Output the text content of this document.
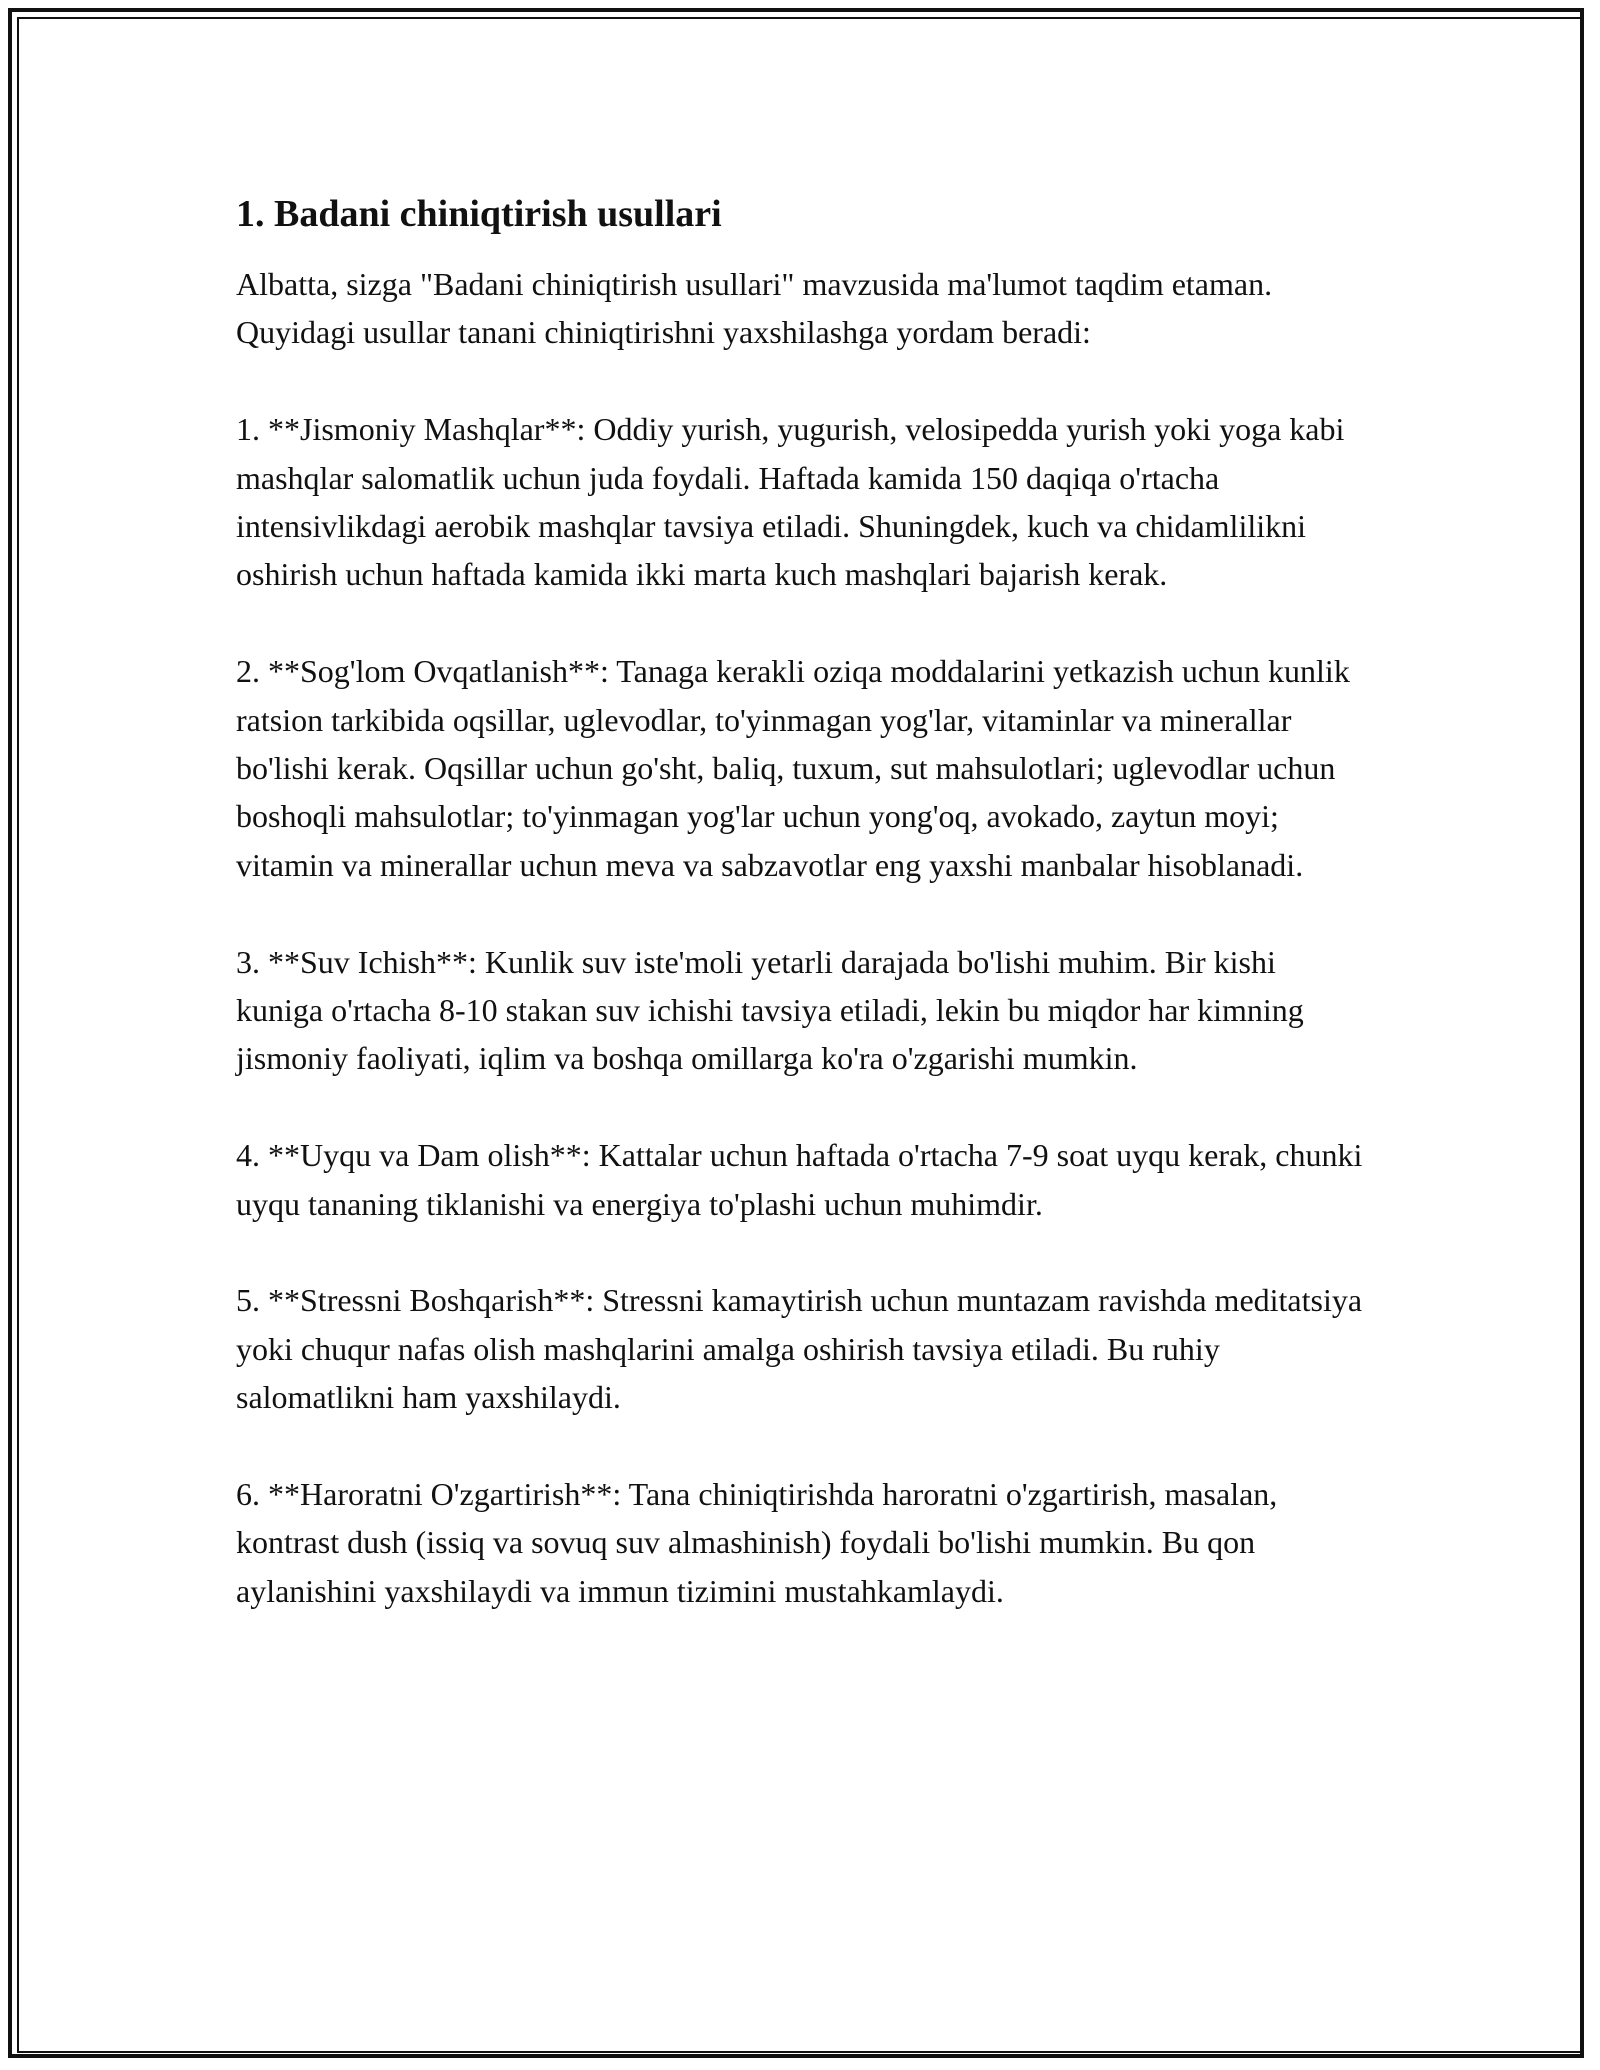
1. Badani chiniqtirish usullari

Albatta, sizga "Badani chiniqtirish usullari" mavzusida ma'lumot taqdim etaman. Quyidagi usullar tanani chiniqtirishni yaxshilashga yordam beradi:

1. **Jismoniy Mashqlar**: Oddiy yurish, yugurish, velosipedda yurish yoki yoga kabi mashqlar salomatlik uchun juda foydali. Haftada kamida 150 daqiqa o'rtacha intensivlikdagi aerobik mashqlar tavsiya etiladi. Shuningdek, kuch va chidamlilikni oshirish uchun haftada kamida ikki marta kuch mashqlari bajarish kerak.

2. **Sog'lom Ovqatlanish**: Tanaga kerakli oziqa moddalarini yetkazish uchun kunlik ratsion tarkibida oqsillar, uglevodlar, to'yinmagan yog'lar, vitaminlar va minerallar bo'lishi kerak. Oqsillar uchun go'sht, baliq, tuxum, sut mahsulotlari; uglevodlar uchun boshoqli mahsulotlar; to'yinmagan yog'lar uchun yong'oq, avokado, zaytun moyi; vitamin va minerallar uchun meva va sabzavotlar eng yaxshi manbalar hisoblanadi.

3. **Suv Ichish**: Kunlik suv iste'moli yetarli darajada bo'lishi muhim. Bir kishi kuniga o'rtacha 8-10 stakan suv ichishi tavsiya etiladi, lekin bu miqdor har kimning jismoniy faoliyati, iqlim va boshqa omillarga ko'ra o'zgarishi mumkin.

4. **Uyqu va Dam olish**: Kattalar uchun haftada o'rtacha 7-9 soat uyqu kerak, chunki uyqu tananing tiklanishi va energiya to'plashi uchun muhimdir.

5. **Stressni Boshqarish**: Stressni kamaytirish uchun muntazam ravishda meditatsiya yoki chuqur nafas olish mashqlarini amalga oshirish tavsiya etiladi. Bu ruhiy salomatlikni ham yaxshilaydi.

6. **Haroratni O'zgartirish**: Tana chiniqtirishda haroratni o'zgartirish, masalan, kontrast dush (issiq va sovuq suv almashinish) foydali bo'lishi mumkin. Bu qon aylanishini yaxshilaydi va immun tizimini mustahkamlaydi.
